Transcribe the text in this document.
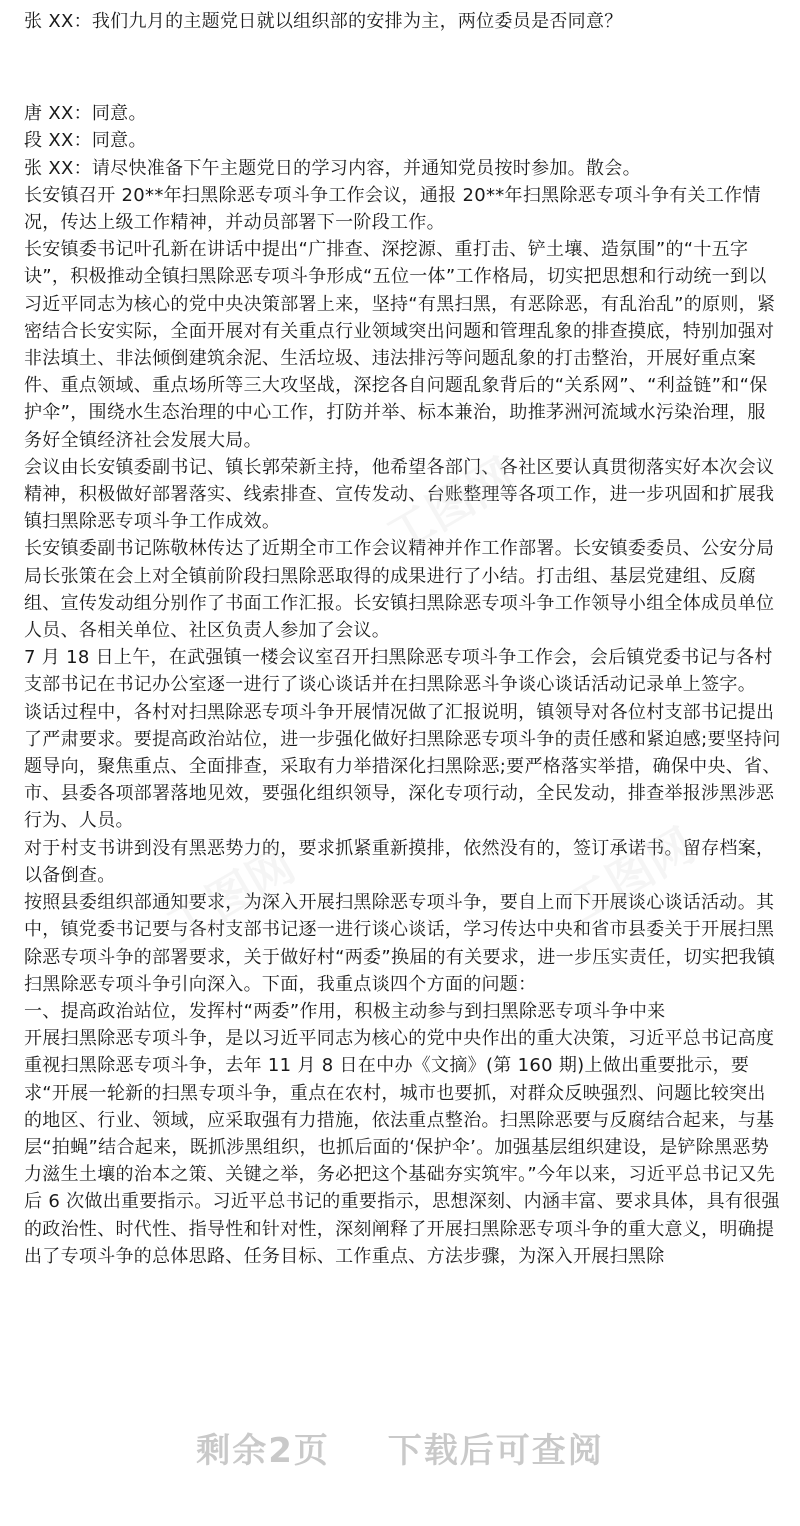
张 XX：我们九月的主题党日就以组织部的安排为主，两位委员是否同意？

唐 XX：同意。

段 XX：同意。

张 XX：请尽快准备下午主题党日的学习内容，并通知党员按时参加。散会。

长安镇召开 20**年扫黑除恶专项斗争工作会议，通报 20**年扫黑除恶专项斗争有关工作情况，传达上级工作精神，并动员部署下一阶段工作。

长安镇委书记叶孔新在讲话中提出“广排查、深挖源、重打击、铲土壤、造氛围”的“十五字诀”，积极推动全镇扫黑除恶专项斗争形成“五位一体”工作格局，切实把思想和行动统一到以习近平同志为核心的党中央决策部署上来，坚持“有黑扫黑，有恶除恶，有乱治乱”的原则，紧密结合长安实际，全面开展对有关重点行业领域突出问题和管理乱象的排查摸底，特别加强对非法填土、非法倾倒建筑余泥、生活垃圾、违法排污等问题乱象的打击整治，开展好重点案件、重点领域、重点场所等三大攻坚战，深挖各自问题乱象背后的“关系网”、“利益链”和“保护伞”，围绕水生态治理的中心工作，打防并举、标本兼治，助推茅洲河流域水污染治理，服务好全镇经济社会发展大局。

会议由长安镇委副书记、镇长郭荣新主持，他希望各部门、各社区要认真贯彻落实好本次会议精神，积极做好部署落实、线索排查、宣传发动、台账整理等各项工作，进一步巩固和扩展我镇扫黑除恶专项斗争工作成效。

长安镇委副书记陈敬林传达了近期全市工作会议精神并作工作部署。长安镇委委员、公安分局局长张策在会上对全镇前阶段扫黑除恶取得的成果进行了小结。打击组、基层党建组、反腐组、宣传发动组分别作了书面工作汇报。长安镇扫黑除恶专项斗争工作领导小组全体成员单位人员、各相关单位、社区负责人参加了会议。

7 月 18 日上午，在武强镇一楼会议室召开扫黑除恶专项斗争工作会，会后镇党委书记与各村支部书记在书记办公室逐一进行了谈心谈话并在扫黑除恶斗争谈心谈话活动记录单上签字。

谈话过程中，各村对扫黑除恶专项斗争开展情况做了汇报说明，镇领导对各位村支部书记提出了严肃要求。要提高政治站位，进一步强化做好扫黑除恶专项斗争的责任感和紧迫感;要坚持问题导向，聚焦重点、全面排查，采取有力举措深化扫黑除恶;要严格落实举措，确保中央、省、市、县委各项部署落地见效，要强化组织领导，深化专项行动，全民发动，排查举报涉黑涉恶行为、人员。

对于村支书讲到没有黑恶势力的，要求抓紧重新摸排，依然没有的，签订承诺书。留存档案，以备倒查。

按照县委组织部通知要求，为深入开展扫黑除恶专项斗争，要自上而下开展谈心谈话活动。其中，镇党委书记要与各村支部书记逐一进行谈心谈话，学习传达中央和省市县委关于开展扫黑除恶专项斗争的部署要求，关于做好村“两委”换届的有关要求，进一步压实责任，切实把我镇扫黑除恶专项斗争引向深入。下面，我重点谈四个方面的问题：

一、提高政治站位，发挥村“两委”作用，积极主动参与到扫黑除恶专项斗争中来

开展扫黑除恶专项斗争，是以习近平同志为核心的党中央作出的重大决策，习近平总书记高度重视扫黑除恶专项斗争，去年 11 月 8 日在中办《文摘》(第 160 期)上做出重要批示，要求“开展一轮新的扫黑专项斗争，重点在农村，城市也要抓，对群众反映强烈、问题比较突出的地区、行业、领域，应采取强有力措施，依法重点整治。扫黑除恶要与反腐结合起来，与基层“拍蝇”结合起来，既抓涉黑组织，也抓后面的‘保护伞’。加强基层组织建设，是铲除黑恶势力滋生土壤的治本之策、关键之举，务必把这个基础夯实筑牢。”今年以来，习近平总书记又先后 6 次做出重要指示。习近平总书记的重要指示，思想深刻、内涵丰富、要求具体，具有很强的政治性、时代性、指导性和针对性，深刻阐释了开展扫黑除恶专项斗争的重大意义，明确提出了专项斗争的总体思路、任务目标、工作重点、方法步骤，为深入开展扫黑除

工图网
工图网	工图网
剩余2页 下载后可查阅
